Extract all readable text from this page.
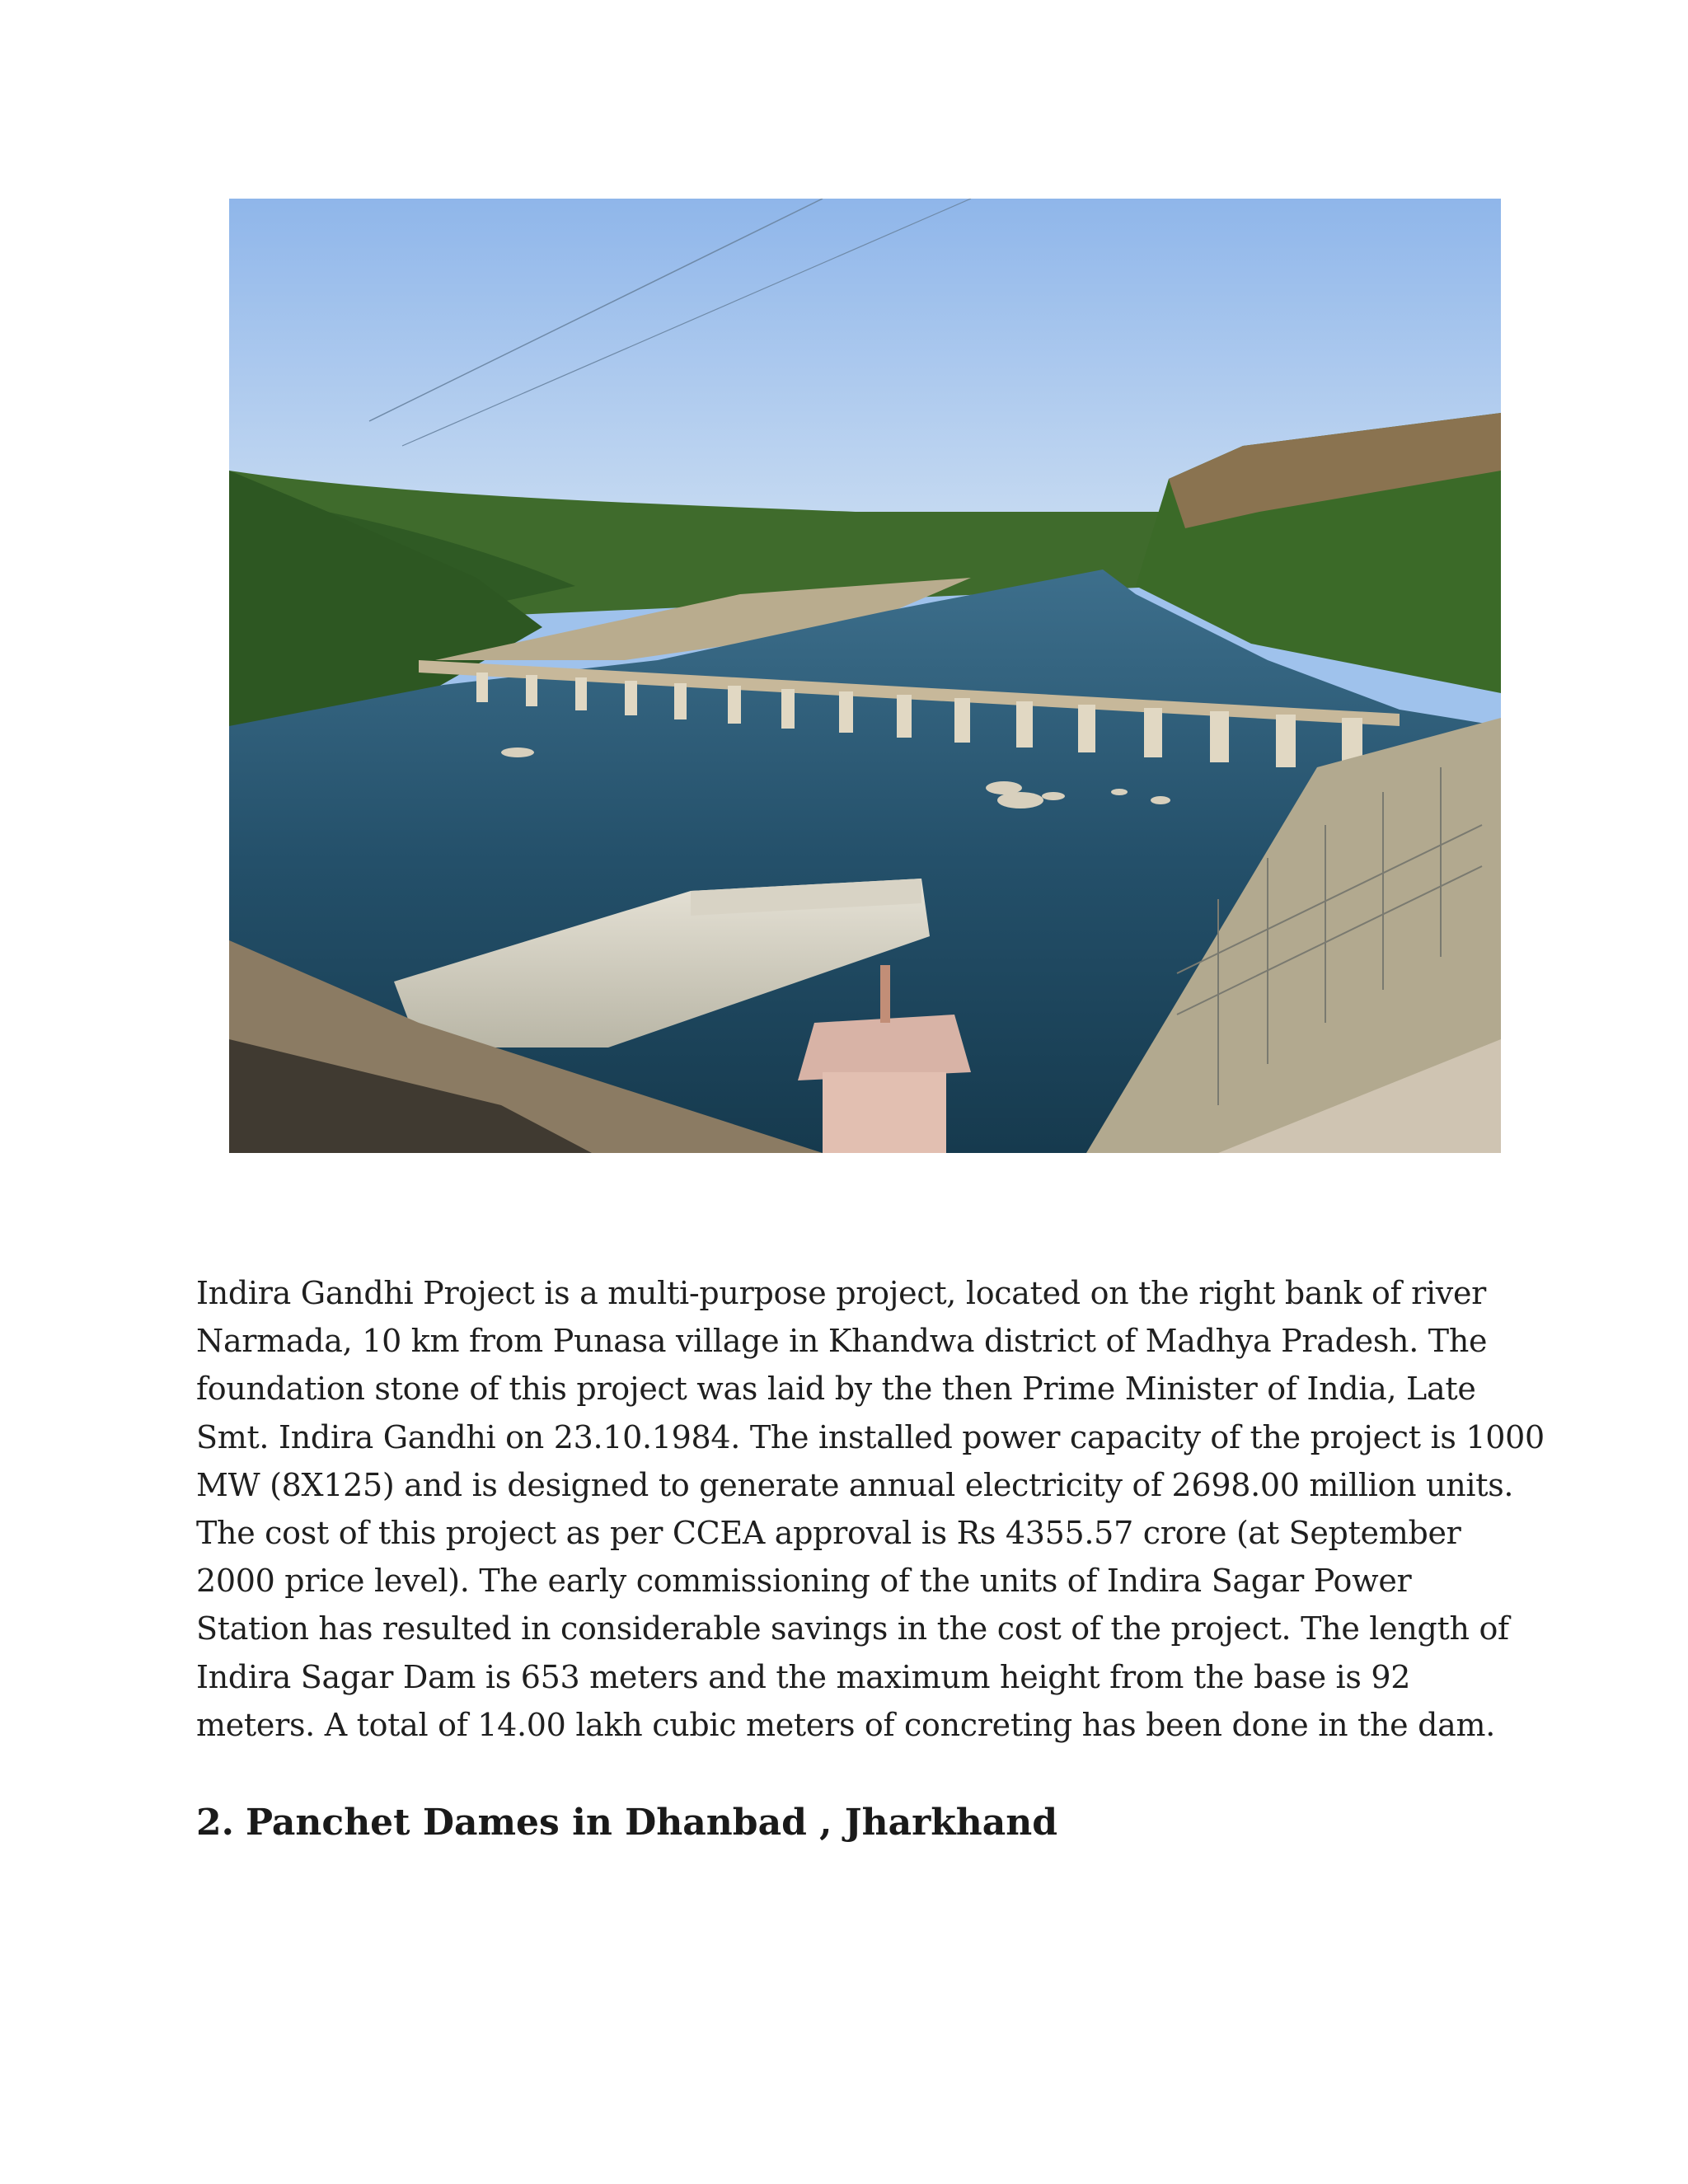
Indira Gandhi Project is a multi-purpose project, located on the right bank of river
Narmada, 10 km from Punasa village in Khandwa district of Madhya Pradesh. The
foundation stone of this project was laid by the then Prime Minister of India, Late
Smt. Indira Gandhi on 23.10.1984. The installed power capacity of the project is 1000
MW (8X125) and is designed to generate annual electricity of 2698.00 million units.
The cost of this project as per CCEA approval is Rs 4355.57 crore (at September
2000 price level). The early commissioning of the units of Indira Sagar Power
Station has resulted in considerable savings in the cost of the project. The length of
Indira Sagar Dam is 653 meters and the maximum height from the base is 92
meters. A total of 14.00 lakh cubic meters of concreting has been done in the dam.

2. Panchet Dames in Dhanbad , Jharkhand
